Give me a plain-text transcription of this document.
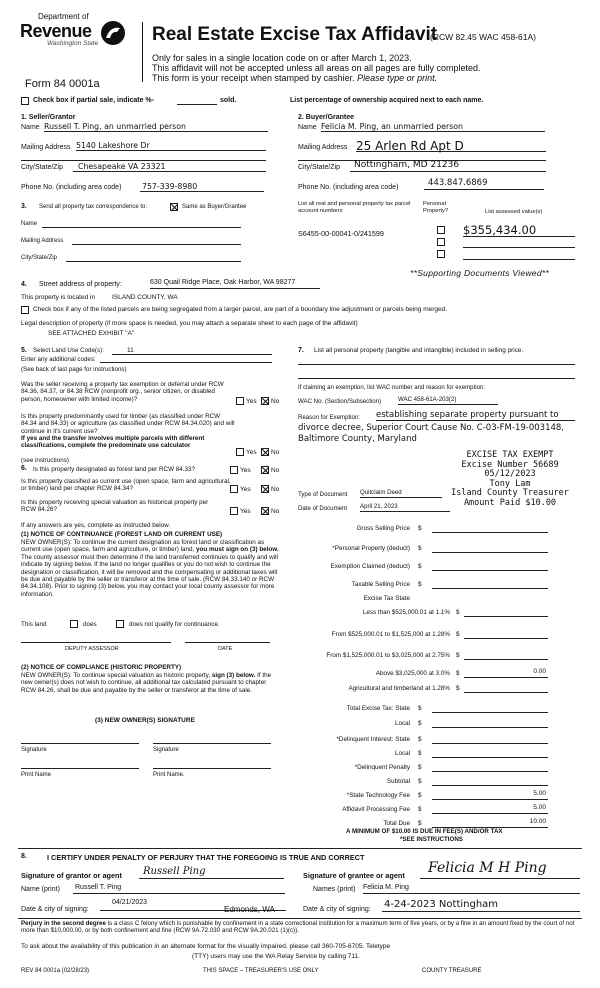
Department of
Revenue
Washington State
Form 84 0001a
Real Estate Excise Tax Affidavit
(RCW 82.45 WAC 458-61A)
Only for sales in a single location code on or after March 1, 2023.
This affidavit will not be accepted unless all areas on all pages are fully completed.
This form is your receipt when stamped by cashier. Please type or print.
Check box if partial sale, indicate %-	sold.	List percentage of ownership acquired next to each name.
1. Seller/Grantor
Name Russell T. Ping, an unmarried person
Mailing Address 5140 Lakeshore Dr
City/State/Zip	Chesapeake VA 23321
Phone No. (including area code)	757-339-8980
2. Buyer/Grantee
Name Felicia M. Ping, an unmarried person
Mailing Address 25 Arlen Rd Apt D
City/State/Zip	Nottingham, MD 21236
Phone No. (including area code)	443.847.6869
3. Send all property tax correspondence to:	Same as Buyer/Grantee
Name
Mailing Address
City/State/Zip
List all real and personal property tax parcel account numbers
Personal Property?	List assessed value(s)
S6455-00-00041-0/241599	$355,434.00
**Supporting Documents Viewed**
4. Street address of property:	630 Quail Ridge Place, Oak Harbor, WA 98277
This property is located in	ISLAND COUNTY, WA
Check box if any of the listed parcels are being segregated from a larger parcel, are part of a boundary line adjustment or parcels being merged.
Legal description of property (if more space is needed, you may attach a separate sheet to each page of the affidavit)
SEE ATTACHED EXHIBIT "A"
5. Select Land Use Code(s):	11
Enter any additional codes:
(See back of last page for instructions)
Was the seller receiving a property tax exemption or deferral under RCW 84.36, 84.37, or 84.38 RCW (nonprofit org., senior citizen, or disabled person, homeowner with limited income)?	Yes No
Is this property predominantly used for timber (as classified under RCW 84.34 and 84.33) or agriculture (as classified under RCW 84.34.020) and will continue in it's current use?
If yes and the transfer involves multiple parcels with different classifications, complete the predominate use calculator
(see instructions)
Yes No
6. Is this property designated as forest land per RCW 84.33?	Yes	No
Is this property classified as current use (open space, farm and agricultural, or timber) land per chapter RCW 84.34?	Yes	No
Is this property receiving special valuation as historical property per RCW 84.26?	Yes	No
If any answers are yes, complete as instructed below.
(1) NOTICE OF CONTINUANCE (FOREST LAND OR CURRENT USE)
NEW OWNER(S): To continue the current designation as forest land or classification as current use (open space, farm and agriculture, or timber) land, you must sign on (3) below. The county assessor must then determine if the land transferred continues to qualify and will indicate by signing below. If the land no longer qualifies or you do not wish to continue the designation or classification, it will be removed and the compensating or additional taxes will be due and payable by the seller or transferor at the time of sale. (RCW 84.33.140 or RCW 84.34.108). Prior to signing (3) below, you may contact your local county assessor for more information.
This land	does	does not qualify for continuance.
DEPUTY ASSESSOR	DATE
(2) NOTICE OF COMPLIANCE (HISTORIC PROPERTY)
NEW OWNER(S): To continue special valuation as historic property, sign (3) below. If the new owner(s) does not wish to continue, all additional tax calculated pursuant to chapter RCW 84.26, shall be due and payable by the seller or transferor at the time of sale.
(3) NEW OWNER(S) SIGNATURE
Signature	Signature
Print Name	Print Name.
7. List all personal property (tangible and intangible) included in selling price.
If claiming an exemption, list WAC number and reason for exemption:
WAC No. (Section/Subsection)	WAC 458-61A-203(2)
Reason for Exemption: establishing separate property pursuant to
divorce decree, Superior Court Cause No. C-03-FM-19-003148,
Baltimore County, Maryland
EXCISE TAX EXEMPT
Excise Number 56689
05/12/2023
Tony Lam
Island County Treasurer
Amount Paid $10.00
Type of Document Quitclaim Deed
Date of Document April 21, 2023
Gross Selling Price $
*Personal Property (deduct) $
Exemption Claimed (deduct) $
Taxable Selling Price $
Excise Tax State
Less than $525,000.01 at 1.1% $
From $525,000.01 to $1,525,000 at 1.28% $
From $1,525,000.01 to $3,025,000 at 2.75% $
Above $3,025,000 at 3.0% $	0.00
Agricultural and timberland at 1.28% $
Total Excise Tax: State $
Local $
*Delinquent Interest: State $
Local $
*Delinquent Penalty $
Subtotal $
*State Technology Fee $	5.00
Affidavit Processing Fee $	5.00
Total Due $	10.00
A MINIMUM OF $10.00 IS DUE IN FEE(S) AND/OR TAX
*SEE INSTRUCTIONS
8.	I CERTIFY UNDER PENALTY OF PERJURY THAT THE FOREGOING IS TRUE AND CORRECT
Signature of grantor or agent	Russell Ping	Signature of grantee or agent	Felicia M H Ping
Name (print) Russell T. Ping	Names (print) Felicia M. Ping
Date & city of signing:
04/21/2023
Edmonds, WA	Date & city of signing: 4-24-2023 Nottingham
Perjury in the second degree is a class C felony which is punishable by confinement in a state correctional institution for a maximum term of five years, or by a fine in an amount fixed by the court of not more than $10,000.00, or by both confinement and fine (RCW 9A.72.030 and RCW 9A.20.021 (1)(c)).
To ask about the availability of this publication in an alternate format for the visually impaired, please call 360-705-6705. Teletype
(TTY) users may use the WA Relay Service by calling 711.
REV 84 0001a (02/28/23)	THIS SPACE – TREASURER'S USE ONLY	COUNTY TREASURE
